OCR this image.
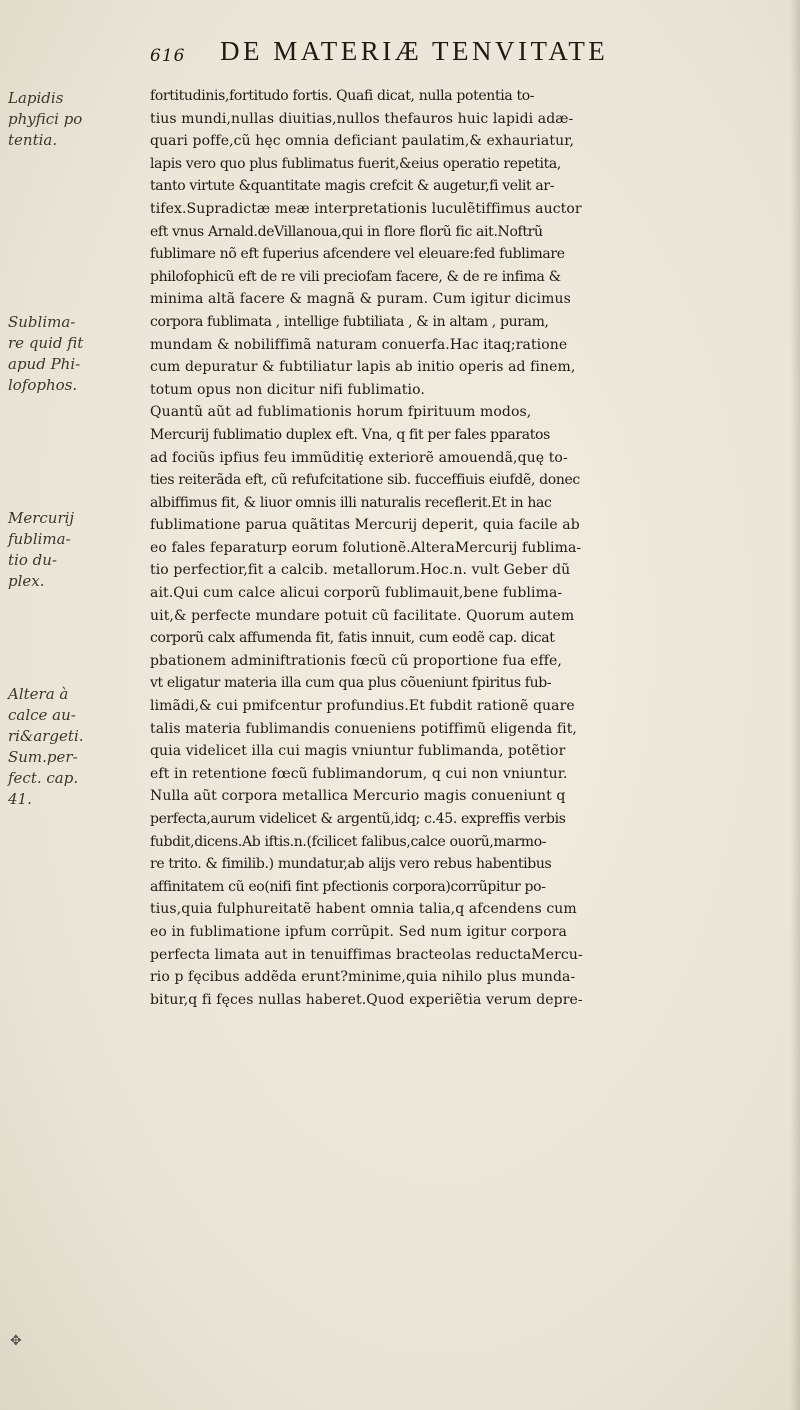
616 DE MATERIÆ TENVITATE
Lapidis
phyfici po
tentia.
Sublima-
re quid fit
apud Phi-
lofophos.
Mercurij
fublima-
tio du-
plex.
Altera à
calce au-
ri&argeti.
Sum.per-
fect. cap.
41.
fortitudinis,fortitudo fortis. Quafi dicat, nulla potentia to-
tius mundi,nullas diuitias,nullos thefauros huic lapidi adæ-
quari poffe,cũ hęc omnia deficiant paulatim,& exhauriatur,
lapis vero quo plus fublimatus fuerit,&eius operatio repetita,
tanto virtute &quantitate magis crefcit & augetur,fi velit ar-
tifex.Supradictæ meæ interpretationis luculẽtiffimus auctor
eft vnus Arnald.deVillanoua,qui in flore florũ fic ait.Noftrũ
fublimare nõ eft fuperius afcendere vel eleuare:fed fublimare
philofophicũ eft de re vili preciofam facere, & de re infima &
minima altã facere & magnã & puram. Cum igitur dicimus
corpora fublimata , intellige fubtiliata , & in altam , puram,
mundam & nobiliffimã naturam conuerfa.Hac itaq;ratione
cum depuratur & fubtiliatur lapis ab initio operis ad finem,
totum opus non dicitur nifi fublimatio.
Quantũ aũt ad fublimationis horum fpirituum modos,
Mercurij fublimatio duplex eft. Vna, q fit per fales pparatos
ad fociũs ipfius feu immũditię exteriorẽ amouendã,quę to-
ties reiterãda eft, cũ refufcitatione sib. fucceffiuis eiufdẽ, donec
albiffimus fit, & liuor omnis illi naturalis receflerit.Et in hac
fublimatione parua quãtitas Mercurij deperit, quia facile ab
eo fales feparaturp eorum folutionẽ.AlteraMercurij fublima-
tio perfectior,fit a calcib. metallorum.Hoc.n. vult Geber dũ
ait.Qui cum calce alicui corporũ fublimauit,bene fublima-
uit,& perfecte mundare potuit cũ facilitate. Quorum autem
corporũ calx affumenda fit, fatis innuit, cum eodẽ cap. dicat
pbationem adminiftrationis fœcũ cũ proportione fua effe,
vt eligatur materia illa cum qua plus cõueniunt fpiritus fub-
limãdi,& cui pmifcentur profundius.Et fubdit rationẽ quare
talis materia fublimandis conueniens potiffimũ eligenda fit,
quia videlicet illa cui magis vniuntur fublimanda, potẽtior
eft in retentione fœcũ fublimandorum, q cui non vniuntur.
Nulla aũt corpora metallica Mercurio magis conueniunt q
perfecta,aurum videlicet & argentũ,idq; c.45. expreffis verbis
fubdit,dicens.Ab iftis.n.(fcilicet falibus,calce ouorũ,marmo-
re trito. & fimilib.) mundatur,ab alijs vero rebus habentibus
affinitatem cũ eo(nifi fint pfectionis corpora)corrũpitur po-
tius,quia fulphureitatẽ habent omnia talia,q afcendens cum
eo in fublimatione ipfum corrũpit. Sed num igitur corpora
perfecta limata aut in tenuiffimas bracteolas reductaMercu-
rio p fęcibus addẽda erunt?minime,quia nihilo plus munda-
bitur,q fi fęces nullas haberet.Quod experiẽtia verum depre-
✥
